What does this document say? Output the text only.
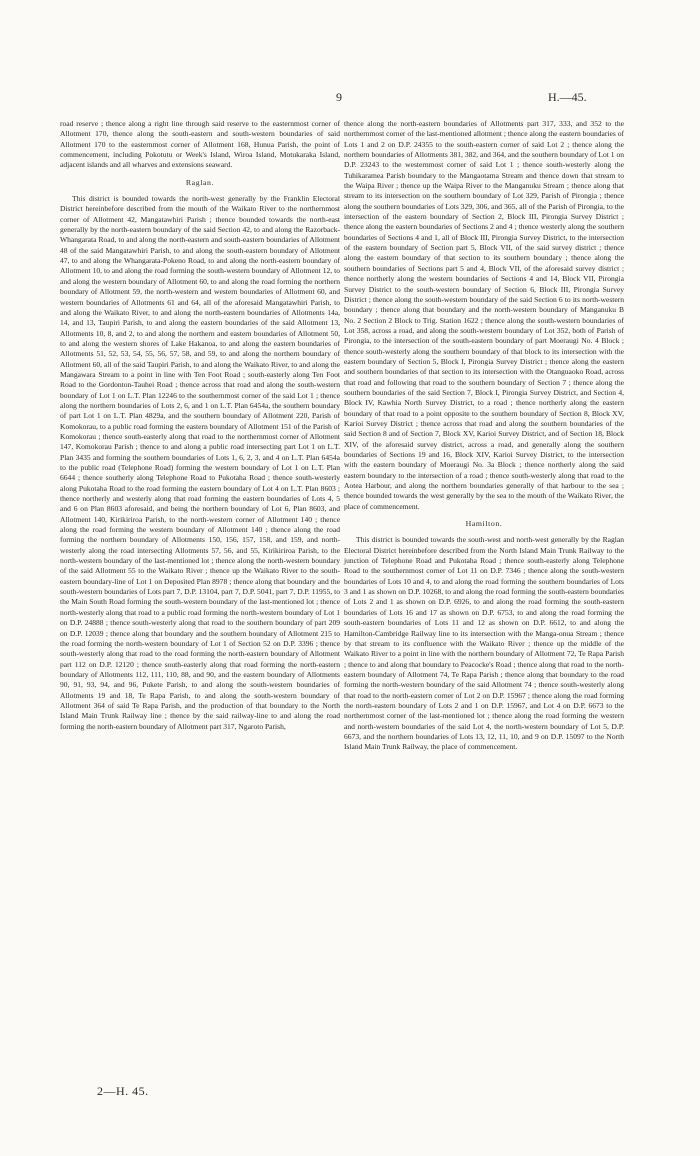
9	H.—45.

road reserve ; thence along a right line through said reserve to the easternmost corner of Allotment 170, thence along the south-eastern and south-western boundaries of said Allotment 170 to the easternmost corner of Allotment 168, Hunua Parish, the point of commencement, including Pokotutu or Week's Island, Wiroa Island, Motukaraka Island, adjacent islands and all wharves and extensions seaward.

Raglan.

This district is bounded towards the north-west generally by the Franklin Electoral District hereinbefore described from the mouth of the Waikato River to the northernmost corner of Allotment 42, Mangatawhiri Parish ; thence bounded towards the north-east generally by the north-eastern boundary of the said Section 42, to and along the Razorback-Whangarata Road, to and along the north-eastern and south-eastern boundaries of Allotment 48 of the said Mangatawhiri Parish, to and along the south-eastern boundary of Allotment 47, to and along the Whangarata-Pokeno Road, to and along the north-eastern boundary of Allotment 10, to and along the road forming the south-western boundary of Allotment 12, to and along the western boundary of Allotment 60, to and along the road forming the northern boundary of Allotment 59, the north-western and western boundaries of Allotment 60, and western boundaries of Allotments 61 and 64, all of the aforesaid Mangatawhiri Parish, to and along the Waikato River, to and along the north-eastern boundaries of Allotments 14a, 14, and 13, Taupiri Parish, to and along the eastern boundaries of the said Allotment 13, Allotments 10, 8, and 2, to and along the northern and eastern boundaries of Allotment 50, to and along the western shores of Lake Hakanoa, to and along the eastern boundaries of Allotments 51, 52, 53, 54, 55, 56, 57, 58, and 59, to and along the northern boundary of Allotment 60, all of the said Taupiri Parish, to and along the Waikato River, to and along the Mangawara Stream to a point in line with Ten Foot Road ; south-easterly along Ten Foot Road to the Gordonton-Tauhei Road ; thence across that road and along the south-western boundary of Lot 1 on L.T. Plan 12246 to the southernmost corner of the said Lot 1 ; thence along the northern boundaries of Lots 2, 6, and 1 on L.T. Plan 6454a, the southern boundary of part Lot 1 on L.T. Plan 4829a, and the southern boundary of Allotment 220, Parish of Komokorau, to a public road forming the eastern boundary of Allotment 151 of the Parish of Komokorau ; thence south-easterly along that road to the northernmost corner of Allotment 147, Komokorau Parish ; thence to and along a public road intersecting part Lot 1 on L.T. Plan 3435 and forming the southern boundaries of Lots 1, 6, 2, 3, and 4 on L.T. Plan 6454a to the public road (Telephone Road) forming the western boundary of Lot 1 on L.T. Plan 6644 ; thence southerly along Telephone Road to Pukotaha Road ; thence south-westerly along Pukotaha Road to the road forming the eastern boundary of Lot 4 on L.T. Plan 8603 ; thence northerly and westerly along that road forming the eastern boundaries of Lots 4, 5 and 6 on Plan 8603 aforesaid, and being the northern boundary of Lot 6, Plan 8603, and Allotment 140, Kirikiriroa Parish, to the north-western corner of Allotment 140 ; thence along the road forming the western boundary of Allotment 140 ; thence along the road forming the northern boundary of Allotments 150, 156, 157, 158, and 159, and north-westerly along the road intersecting Allotments 57, 56, and 55, Kirikiriroa Parish, to the north-western boundary of the last-mentioned lot ; thence along the north-western boundary of the said Allotment 55 to the Waikato River ; thence up the Waikato River to the south-eastern boundary-line of Lot 1 on Deposited Plan 8978 ; thence along that boundary and the south-western boundaries of Lots part 7, D.P. 13104, part 7, D.P. 5041, part 7, D.P. 11955, to the Main South Road forming the south-western boundary of the last-mentioned lot ; thence north-westerly along that road to a public road forming the north-western boundary of Lot 1 on D.P. 24888 ; thence south-westerly along that road to the southern boundary of part 209 on D.P. 12039 ; thence along that boundary and the southern boundary of Allotment 215 to the road forming the north-western boundary of Lot 1 of Section 52 on D.P. 3396 ; thence south-westerly along that road to the road forming the north-eastern boundary of Allotment part 112 on D.P. 12120 ; thence south-easterly along that road forming the north-eastern boundary of Allotments 112, 111, 110, 88, and 90, and the eastern boundary of Allotments 90, 91, 93, 94, and 96, Pukete Parish, to and along the south-western boundaries of Allotments 19 and 18, Te Rapa Parish, to and along the south-western boundary of Allotment 364 of said Te Rapa Parish, and the production of that boundary to the North Island Main Trunk Railway line ; thence by the said railway-line to and along the road forming the north-eastern boundary of Allotment part 317, Ngaroto Parish,

thence along the north-eastern boundaries of Allotments part 317, 333, and 352 to the northernmost corner of the last-mentioned allotment ; thence along the eastern boundaries of Lots 1 and 2 on D.P. 24355 to the south-eastern corner of said Lot 2 ; thence along the northern boundaries of Allotments 381, 382, and 364, and the southern boundary of Lot 1 on D.P. 23243 to the westernmost corner of said Lot 1 ; thence south-westerly along the Tuhikaramea Parish boundary to the Mangaotama Stream and thence down that stream to the Waipa River ; thence up the Waipa River to the Manganuku Stream ; thence along that stream to its intersection on the southern boundary of Lot 329, Parish of Pirongia ; thence along the southern boundaries of Lots 329, 306, and 365, all of the Parish of Pirongia, to the intersection of the eastern boundary of Section 2, Block III, Pirongia Survey District ; thence along the eastern boundaries of Sections 2 and 4 ; thence westerly along the southern boundaries of Sections 4 and 1, all of Block III, Pirongia Survey District, to the intersection of the eastern boundary of Section part 5, Block VII, of the said survey district ; thence along the eastern boundary of that section to its southern boundary ; thence along the southern boundaries of Sections part 5 and 4, Block VII, of the aforesaid survey district ; thence northerly along the western boundaries of Sections 4 and 14, Block VII, Pirongia Survey District to the south-western boundary of Section 6, Block III, Pirongia Survey District ; thence along the south-western boundary of the said Section 6 to its north-western boundary ; thence along that boundary and the north-western boundary of Manganuku B No. 2 Section 2 Block to Trig. Station 1622 ; thence along the south-western boundaries of Lot 358, across a road, and along the south-western boundary of Lot 352, both of Parish of Pirongia, to the intersection of the south-eastern boundary of part Moeraugi No. 4 Block ; thence south-westerly along the southern boundary of that block to its intersection with the eastern boundary of Section 5, Block I, Pirongia Survey District ; thence along the eastern and southern boundaries of that section to its intersection with the Otanguaoko Road, across that road and following that road to the southern boundary of Section 7 ; thence along the southern boundaries of the said Section 7, Block I, Pirongia Survey District, and Section 4, Block IV, Kawhia North Survey District, to a road ; thence northerly along the eastern boundary of that road to a point opposite to the southern boundary of Section 8, Block XV, Karioi Survey District ; thence across that road and along the southern boundaries of the said Section 8 and of Section 7, Block XV, Karioi Survey District, and of Section 18, Block XIV, of the aforesaid survey district, across a road, and generally along the southern boundaries of Sections 19 and 16, Block XIV, Karioi Survey District, to the intersection with the eastern boundary of Moeraugi No. 3a Block ; thence northerly along the said eastern boundary to the intersection of a road ; thence south-westerly along that road to the Aotea Harbour, and along the northern boundaries generally of that harbour to the sea ; thence bounded towards the west generally by the sea to the mouth of the Waikato River, the place of commencement.

Hamilton.

This district is bounded towards the south-west and north-west generally by the Raglan Electoral District hereinbefore described from the North Island Main Trunk Railway to the junction of Telephone Road and Pukotaha Road ; thence south-easterly along Telephone Road to the southernmost corner of Lot 11 on D.P. 7346 ; thence along the south-western boundaries of Lots 10 and 4, to and along the road forming the southern boundaries of Lots 3 and 1 as shown on D.P. 10268, to and along the road forming the south-eastern boundaries of Lots 2 and 1 as shown on D.P. 6926, to and along the road forming the south-eastern boundaries of Lots 16 and 17 as shown on D.P. 6753, to and along the road forming the south-eastern boundaries of Lots 11 and 12 as shown on D.P. 6612, to and along the Hamilton-Cambridge Railway line to its intersection with the Manga-onua Stream ; thence by that stream to its confluence with the Waikato River ; thence up the middle of the Waikato River to a point in line with the northern boundary of Allotment 72, Te Rapa Parish ; thence to and along that boundary to Peacocke's Road ; thence along that road to the north-eastern boundary of Allotment 74, Te Rapa Parish ; thence along that boundary to the road forming the north-western boundary of the said Allotment 74 ; thence south-westerly along that road to the north-eastern corner of Lot 2 on D.P. 15967 ; thence along the road forming the north-eastern boundary of Lots 2 and 1 on D.P. 15967, and Lot 4 on D.P. 6673 to the northernmost corner of the last-mentioned lot ; thence along the road forming the western and north-western boundaries of the said Lot 4, the north-western boundary of Lot 5, D.P. 6673, and the northern boundaries of Lots 13, 12, 11, 10, and 9 on D.P. 15097 to the North Island Main Trunk Railway, the place of commencement.

2—H. 45.
